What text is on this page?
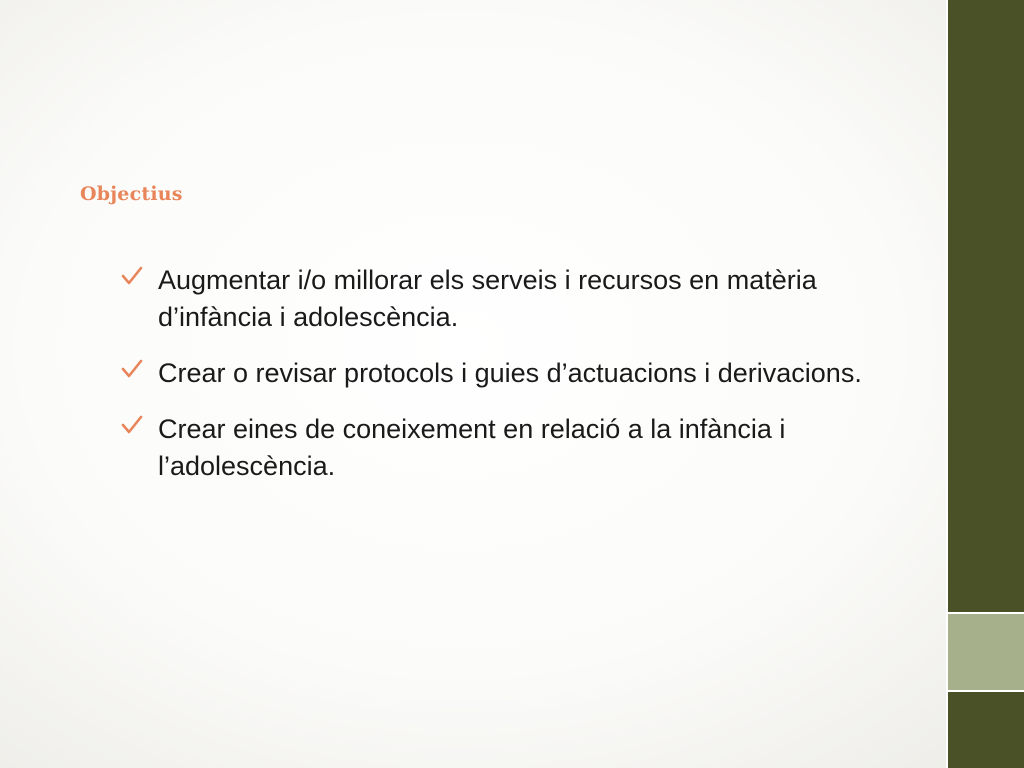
Objectius
Augmentar i/o millorar els serveis i recursos en matèria d’infància i adolescència.
Crear o revisar protocols i guies d’actuacions i derivacions.
Crear eines de coneixement en relació a la infància i l’adolescència.
